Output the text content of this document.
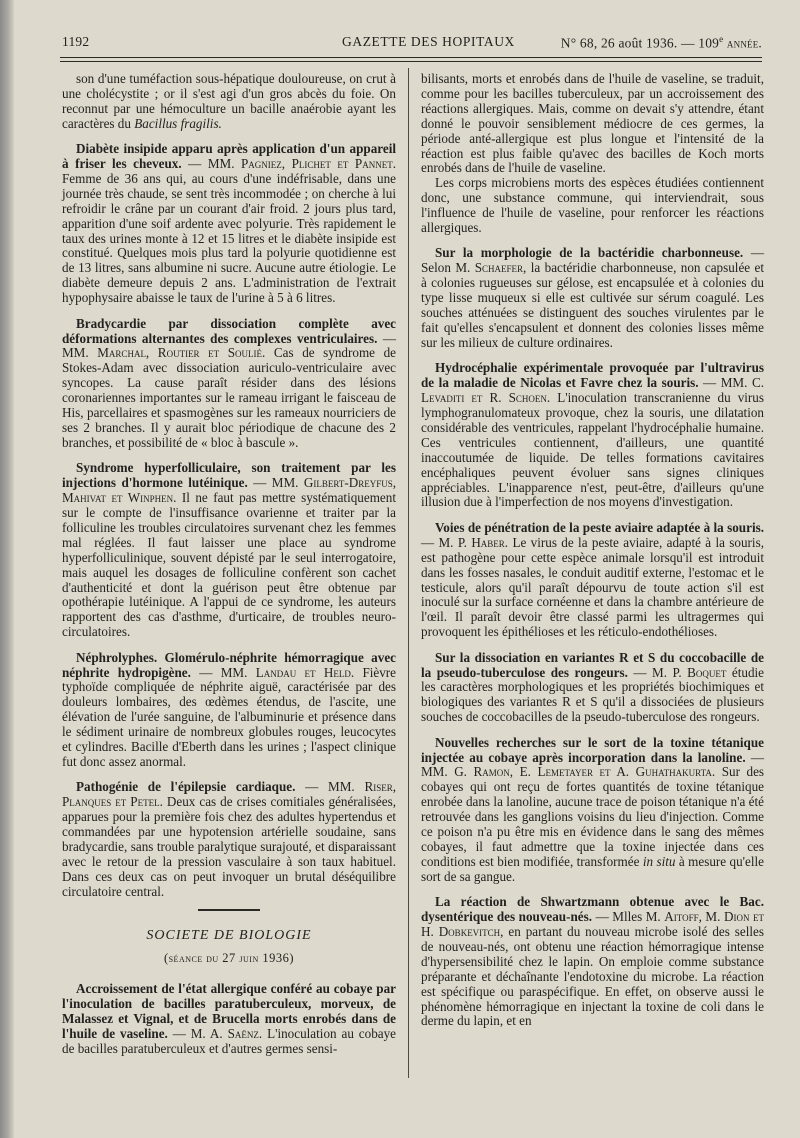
1192	GAZETTE DES HOPITAUX	N° 68, 26 août 1936. — 109e année.

son d'une tuméfaction sous-hépatique douloureuse, on crut à une cholécystite ; or il s'est agi d'un gros abcès du foie. On reconnut par une hémoculture un bacille anaérobie ayant les caractères du Bacillus fragilis.

Diabète insipide apparu après application d'un appareil à friser les cheveux. — MM. Pagniez, Plichet et Pannet. Femme de 36 ans qui, au cours d'une indéfrisable, dans une journée très chaude, se sent très incommodée ; on cherche à lui refroidir le crâne par un courant d'air froid. 2 jours plus tard, apparition d'une soif ardente avec polyurie. Très rapidement le taux des urines monte à 12 et 15 litres et le diabète insipide est constitué. Quelques mois plus tard la polyurie quotidienne est de 13 litres, sans albumine ni sucre. Aucune autre étiologie. Le diabète demeure depuis 2 ans. L'administration de l'extrait hypophysaire abaisse le taux de l'urine à 5 à 6 litres.

Bradycardie par dissociation complète avec déformations alternantes des complexes ventriculaires. — MM. Marchal, Routier et Soulié. Cas de syndrome de Stokes-Adam avec dissociation auriculo-ventriculaire avec syncopes. La cause paraît résider dans des lésions coronariennes importantes sur le rameau irrigant le faisceau de His, parcellaires et spasmogènes sur les rameaux nourriciers de ses 2 branches. Il y aurait bloc périodique de chacune des 2 branches, et possibilité de « bloc à bascule ».

Syndrome hyperfolliculaire, son traitement par les injections d'hormone lutéinique. — MM. Gilbert-Dreyfus, Mahivat et Winphen. Il ne faut pas mettre systématiquement sur le compte de l'insuffisance ovarienne et traiter par la folliculine les troubles circulatoires survenant chez les femmes mal réglées. Il faut laisser une place au syndrome hyperfolliculinique, souvent dépisté par le seul interrogatoire, mais auquel les dosages de folliculine confèrent son cachet d'authenticité et dont la guérison peut être obtenue par opothérapie lutéinique. A l'appui de ce syndrome, les auteurs rapportent des cas d'asthme, d'urticaire, de troubles neuro-circulatoires.

Néphrolyphes. Glomérulo-néphrite hémorragique avec néphrite hydropigène. — MM. Landau et Held. Fièvre typhoïde compliquée de néphrite aiguë, caractérisée par des douleurs lombaires, des œdèmes étendus, de l'ascite, une élévation de l'urée sanguine, de l'albuminurie et présence dans le sédiment urinaire de nombreux globules rouges, leucocytes et cylindres. Bacille d'Eberth dans les urines ; l'aspect clinique fut donc assez anormal.

Pathogénie de l'épilepsie cardiaque. — MM. Riser, Planques et Petel. Deux cas de crises comitiales généralisées, apparues pour la première fois chez des adultes hypertendus et commandées par une hypotension artérielle soudaine, sans bradycardie, sans trouble paralytique surajouté, et disparaissant avec le retour de la pression vasculaire à son taux habituel. Dans ces deux cas on peut invoquer un brutal déséquilibre circulatoire central.

SOCIETE DE BIOLOGIE
(séance du 27 juin 1936)

Accroissement de l'état allergique conféré au cobaye par l'inoculation de bacilles paratuberculeux, morveux, de Malassez et Vignal, et de Brucella morts enrobés dans de l'huile de vaseline. — M. A. Saënz. L'inoculation au cobaye de bacilles paratuberculeux et d'autres germes sensi-

bilisants, morts et enrobés dans de l'huile de vaseline, se traduit, comme pour les bacilles tuberculeux, par un accroissement des réactions allergiques. Mais, comme on devait s'y attendre, étant donné le pouvoir sensiblement médiocre de ces germes, la période anté-allergique est plus longue et l'intensité de la réaction est plus faible qu'avec des bacilles de Koch morts enrobés dans de l'huile de vaseline.

Les corps microbiens morts des espèces étudiées contiennent donc, une substance commune, qui interviendrait, sous l'influence de l'huile de vaseline, pour renforcer les réactions allergiques.

Sur la morphologie de la bactéridie charbonneuse. — Selon M. Schaefer, la bactéridie charbonneuse, non capsulée et à colonies rugueuses sur gélose, est encapsulée et à colonies du type lisse muqueux si elle est cultivée sur sérum coagulé. Les souches atténuées se distinguent des souches virulentes par le fait qu'elles s'encapsulent et donnent des colonies lisses même sur les milieux de culture ordinaires.

Hydrocéphalie expérimentale provoquée par l'ultravirus de la maladie de Nicolas et Favre chez la souris. — MM. C. Levaditi et R. Schoen. L'inoculation transcranienne du virus lymphogranulomateux provoque, chez la souris, une dilatation considérable des ventricules, rappelant l'hydrocéphalie humaine. Ces ventricules contiennent, d'ailleurs, une quantité inaccoutumée de liquide. De telles formations cavitaires encéphaliques peuvent évoluer sans signes cliniques appréciables. L'inapparence n'est, peut-être, d'ailleurs qu'une illusion due à l'imperfection de nos moyens d'investigation.

Voies de pénétration de la peste aviaire adaptée à la souris. — M. P. Haber. Le virus de la peste aviaire, adapté à la souris, est pathogène pour cette espèce animale lorsqu'il est introduit dans les fosses nasales, le conduit auditif externe, l'estomac et le testicule, alors qu'il paraît dépourvu de toute action s'il est inoculé sur la surface cornéenne et dans la chambre antérieure de l'œil. Il paraît devoir être classé parmi les ultragermes qui provoquent les épithélioses et les réticulo-endothélioses.

Sur la dissociation en variantes R et S du coccobacille de la pseudo-tuberculose des rongeurs. — M. P. Boquet étudie les caractères morphologiques et les propriétés biochimiques et biologiques des variantes R et S qu'il a dissociées de plusieurs souches de coccobacilles de la pseudo-tuberculose des rongeurs.

Nouvelles recherches sur le sort de la toxine tétanique injectée au cobaye après incorporation dans la lanoline. — MM. G. Ramon, E. Lemetayer et A. Guhathakurta. Sur des cobayes qui ont reçu de fortes quantités de toxine tétanique enrobée dans la lanoline, aucune trace de poison tétanique n'a été retrouvée dans les ganglions voisins du lieu d'injection. Comme ce poison n'a pu être mis en évidence dans le sang des mêmes cobayes, il faut admettre que la toxine injectée dans ces conditions est bien modifiée, transformée in situ à mesure qu'elle sort de sa gangue.

La réaction de Shwartzmann obtenue avec le Bac. dysentérique des nouveau-nés. — Mlles M. Aitoff, M. Dion et H. Dobkevitch, en partant du nouveau microbe isolé des selles de nouveau-nés, ont obtenu une réaction hémorragique intense d'hypersensibilité chez le lapin. On emploie comme substance préparante et déchaînante l'endotoxine du microbe. La réaction est spécifique ou paraspécifique. En effet, on observe aussi le phénomène hémorragique en injectant la toxine de coli dans le derme du lapin, et en
